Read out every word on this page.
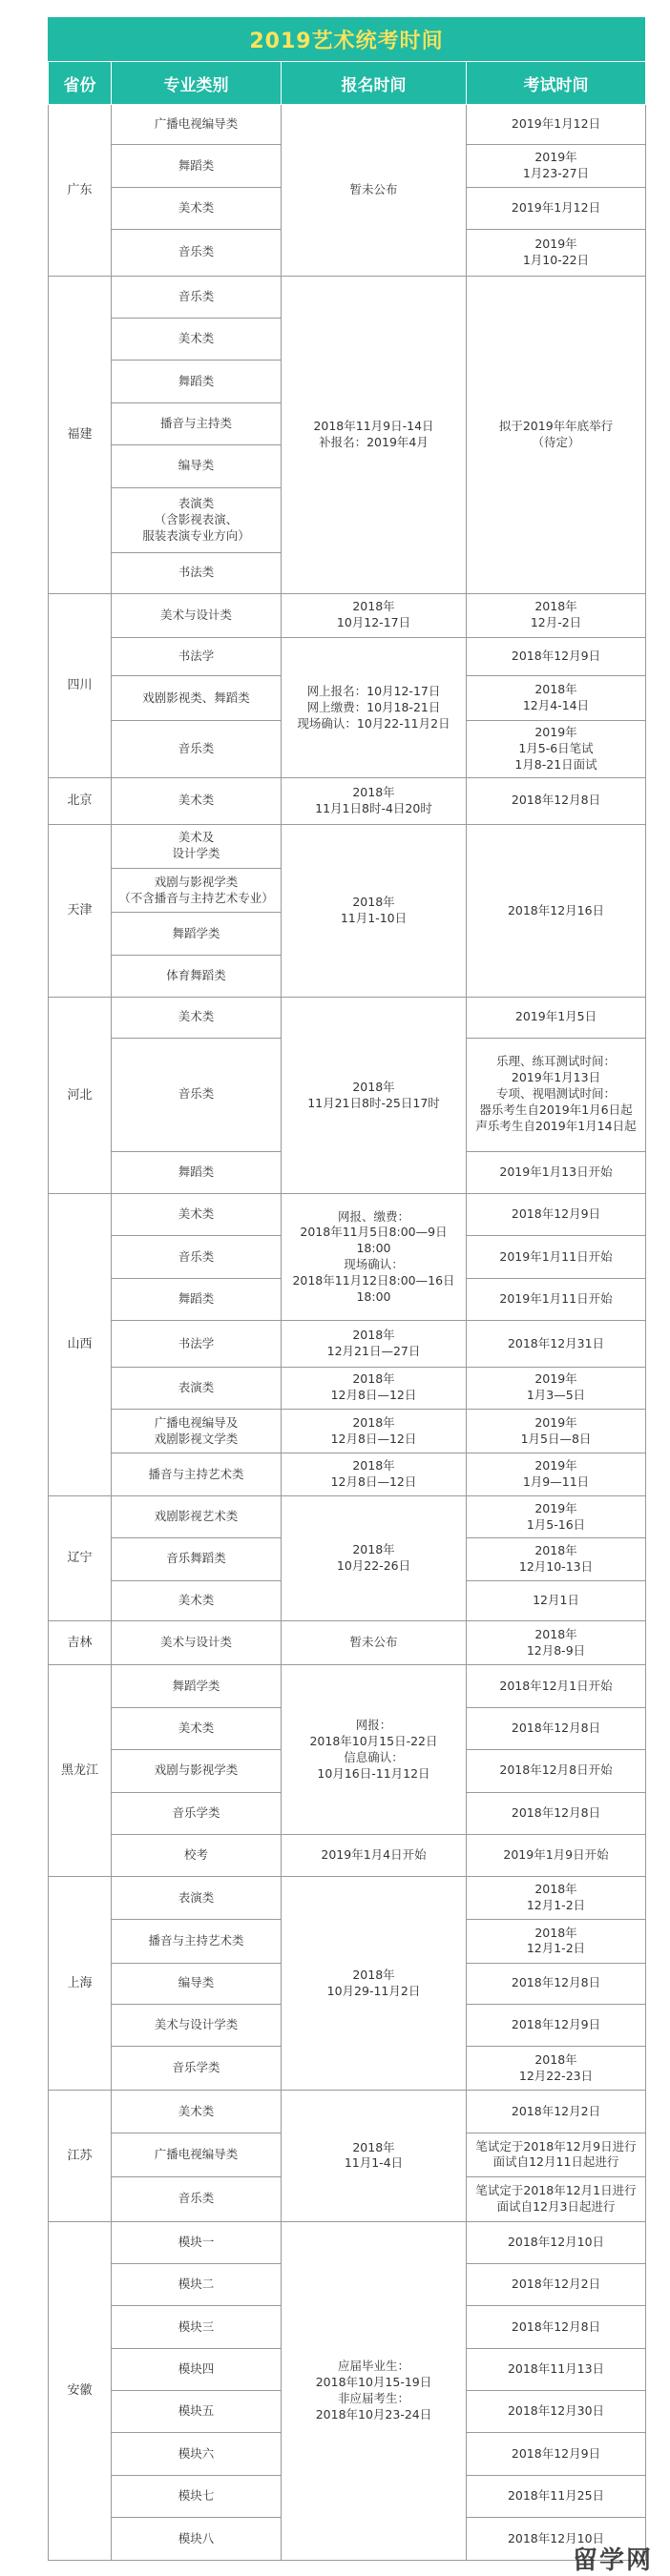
2019艺术统考时间
省份	专业类别	报名时间	考试时间
广东	广播电视编导类	暂未公布	2019年1月12日
	舞蹈类		2019年
1月23-27日
	美术类		2019年1月12日
	音乐类		2019年
1月10-22日
福建	音乐类	2018年11月9日-14日
补报名：2019年4月	拟于2019年年底举行
（待定）
	美术类		
	舞蹈类		
	播音与主持类		
	编导类		
	表演类
（含影视表演、
服装表演专业方向）		
	书法类		
四川	美术与设计类	2018年
10月12-17日	2018年
12月-2日
	书法学	网上报名：10月12-17日
网上缴费：10月18-21日
现场确认：10月22-11月2日	2018年12月9日
	戏剧影视类、舞蹈类		2018年
12月4-14日
	音乐类		2019年
1月5-6日笔试
1月8-21日面试
北京	美术类	2018年
11月1日8时-4日20时	2018年12月8日
天津	美术及
设计学类	2018年
11月1-10日	2018年12月16日
	戏剧与影视学类
（不含播音与主持艺术专业）		
	舞蹈学类		
	体育舞蹈类		
河北	美术类	2018年
11月21日8时-25日17时	2019年1月5日
	音乐类		乐理、练耳测试时间：
2019年1月13日
专项、视唱测试时间：
器乐考生自2019年1月6日起
声乐考生自2019年1月14日起
	舞蹈类		2019年1月13日开始
山西	美术类	网报、缴费：
2018年11月5日8:00—9日18:00
现场确认：
2018年11月12日8:00—16日18:00	2018年12月9日
	音乐类		2019年1月11日开始
	舞蹈类		2019年1月11日开始
	书法学	2018年
12月21日—27日	2018年12月31日
	表演类	2018年
12月8日—12日	2019年
1月3—5日
	广播电视编导及
戏剧影视文学类	2018年
12月8日—12日	2019年
1月5日—8日
	播音与主持艺术类	2018年
12月8日—12日	2019年
1月9—11日
辽宁	戏剧影视艺术类	2018年
10月22-26日	2019年
1月5-16日
	音乐舞蹈类		2018年
12月10-13日
	美术类		12月1日
吉林	美术与设计类	暂未公布	2018年
12月8-9日
黑龙江	舞蹈学类	网报：
2018年10月15日-22日
信息确认：
10月16日-11月12日	2018年12月1日开始
	美术类		2018年12月8日
	戏剧与影视学类		2018年12月8日开始
	音乐学类		2018年12月8日
	校考	2019年1月4日开始	2019年1月9日开始
上海	表演类	2018年
10月29-11月2日	2018年
12月1-2日
	播音与主持艺术类		2018年
12月1-2日
	编导类		2018年12月8日
	美术与设计学类		2018年12月9日
	音乐学类		2018年
12月22-23日
江苏	美术类	2018年
11月1-4日	2018年12月2日
	广播电视编导类		笔试定于2018年12月9日进行
面试自12月11日起进行
	音乐类		笔试定于2018年12月1日进行
面试自12月3日起进行
安徽	模块一	应届毕业生：
2018年10月15-19日
非应届考生：
2018年10月23-24日	2018年12月10日
	模块二		2018年12月2日
	模块三		2018年12月8日
	模块四		2018年11月13日
	模块五		2018年12月30日
	模块六		2018年12月9日
	模块七		2018年11月25日
	模块八		2018年12月10日
留学网
